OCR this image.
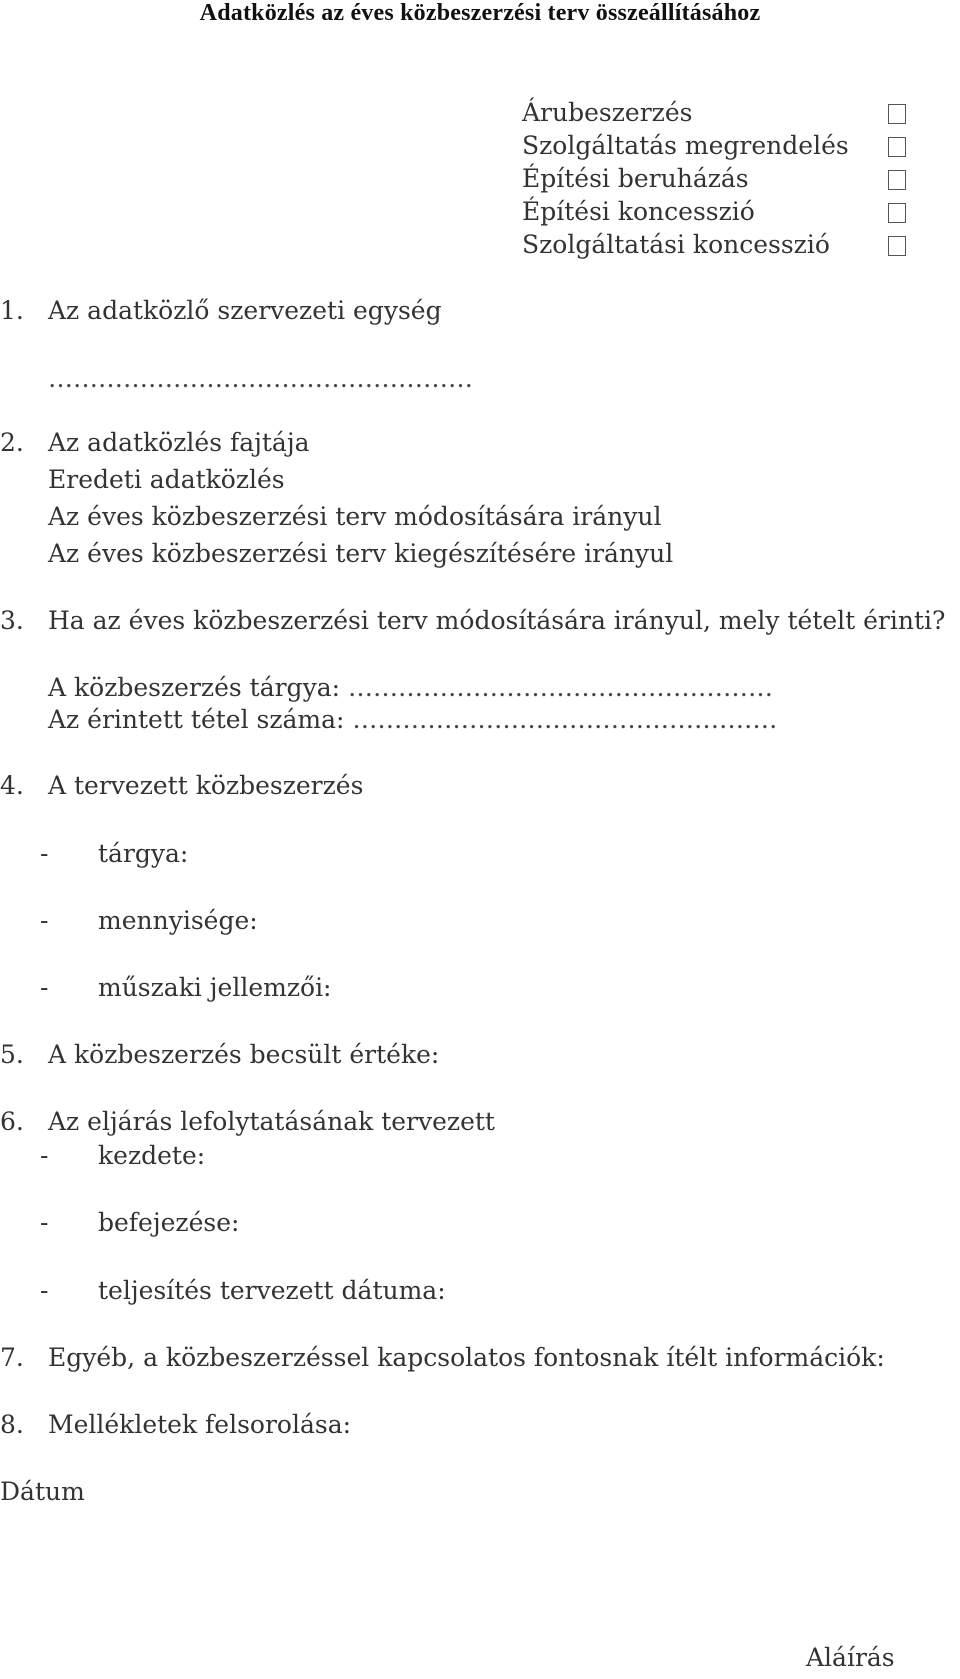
Adatközlés az éves közbeszerzési terv összeállításához
Árubeszerzés
Szolgáltatás megrendelés
Építési beruházás
Építési koncesszió
Szolgáltatási koncesszió
1. Az adatközlő szervezeti egység
……………………………………………
2. Az adatközlés fajtája
Eredeti adatközlés
Az éves közbeszerzési terv módosítására irányul
Az éves közbeszerzési terv kiegészítésére irányul
3. Ha az éves közbeszerzési terv módosítására irányul, mely tételt érinti?
A közbeszerzés tárgya: ……………………………………………
Az érintett tétel száma: ……………………………………………
4. A tervezett közbeszerzés
- tárgya:
- mennyisége:
- műszaki jellemzői:
5. A közbeszerzés becsült értéke:
6. Az eljárás lefolytatásának tervezett
- kezdete:
- befejezése:
- teljesítés tervezett dátuma:
7. Egyéb, a közbeszerzéssel kapcsolatos fontosnak ítélt információk:
8. Mellékletek felsorolása:
Dátum
Aláírás
